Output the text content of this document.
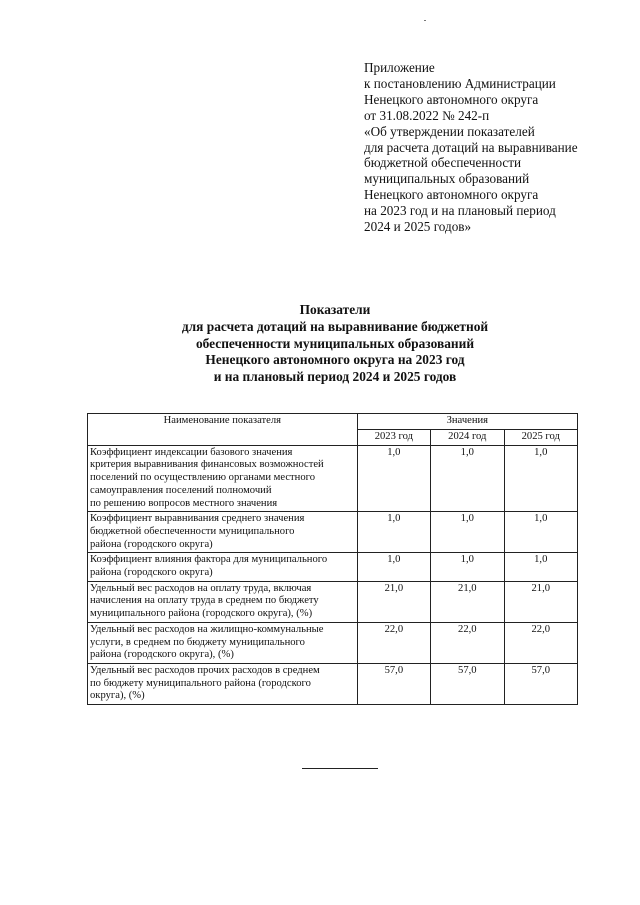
Приложение
к постановлению Администрации
Ненецкого автономного округа
от 31.08.2022 № 242-п
«Об утверждении показателей
для расчета дотаций на выравнивание
бюджетной обеспеченности
муниципальных образований
Ненецкого автономного округа
на 2023 год и на плановый период
2024 и 2025 годов»
Показатели
для расчета дотаций на выравнивание бюджетной
обеспеченности муниципальных образований
Ненецкого автономного округа на 2023 год
и на плановый период 2024 и 2025 годов
Наименование показателя	Значения		
	2023 год	2024 год	2025 год

Коэффициент индексации базового значения
критерия выравнивания финансовых возможностей
поселений по осуществлению органами местного
самоуправления поселений полномочий
по решению вопросов местного значения	1,0	1,0	1,0

Коэффициент выравнивания среднего значения
бюджетной обеспеченности муниципального
района (городского округа)	1,0	1,0	1,0

Коэффициент влияния фактора для муниципального
района (городского округа)	1,0	1,0	1,0

Удельный вес расходов на оплату труда, включая
начисления на оплату труда в среднем по бюджету
муниципального района (городского округа), (%)	21,0	21,0	21,0

Удельный вес расходов на жилищно-коммунальные
услуги, в среднем по бюджету муниципального
района (городского округа), (%)	22,0	22,0	22,0

Удельный вес расходов прочих расходов в среднем
по бюджету муниципального района (городского
округа), (%)	57,0	57,0	57,0
